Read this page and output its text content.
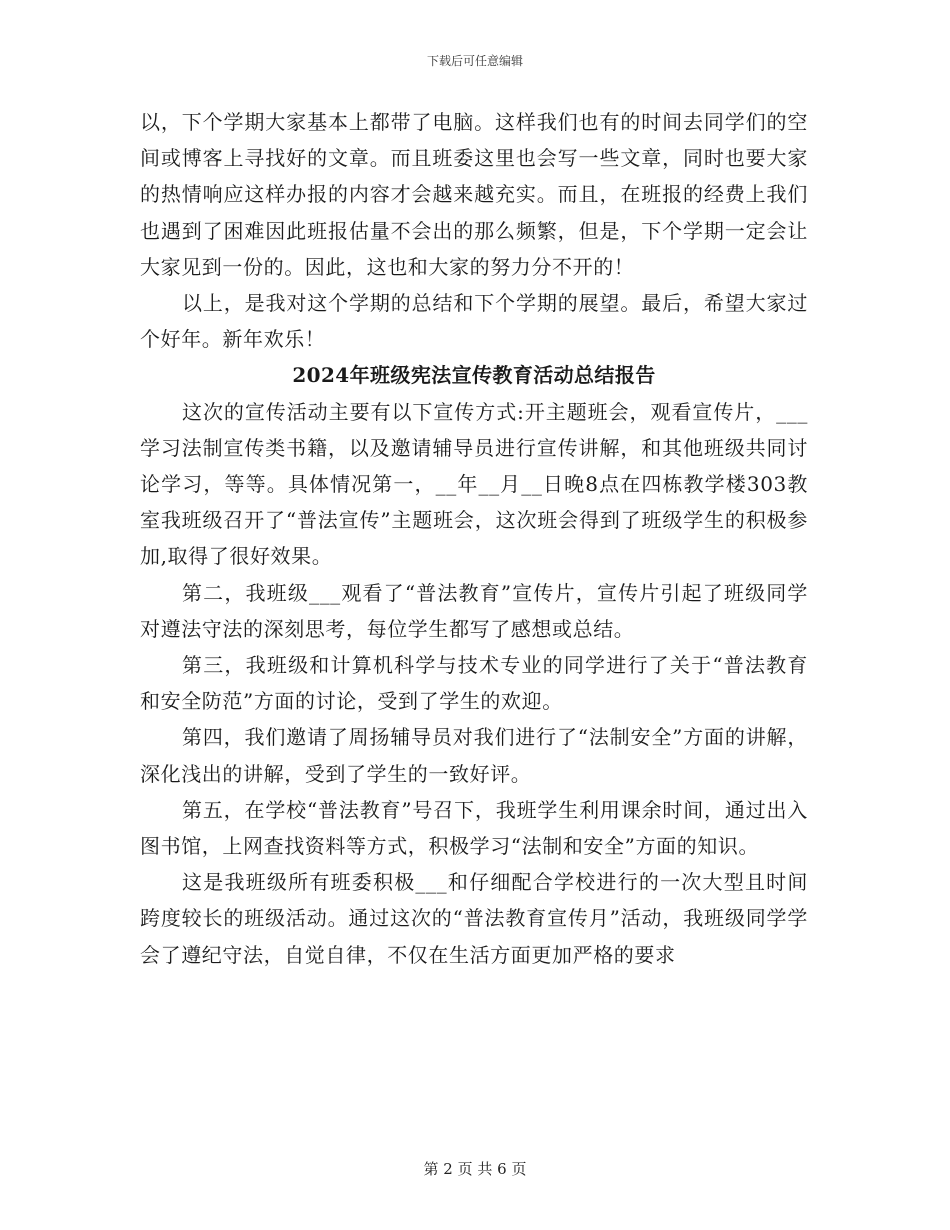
下载后可任意编辑

以，下个学期大家基本上都带了电脑。这样我们也有的时间去同学们的空间或博客上寻找好的文章。而且班委这里也会写一些文章，同时也要大家的热情响应这样办报的内容才会越来越充实。而且，在班报的经费上我们也遇到了困难因此班报估量不会出的那么频繁，但是，下个学期一定会让大家见到一份的。因此，这也和大家的努力分不开的！

以上，是我对这个学期的总结和下个学期的展望。最后，希望大家过个好年。新年欢乐！

2024年班级宪法宣传教育活动总结报告

这次的宣传活动主要有以下宣传方式:开主题班会，观看宣传片，___学习法制宣传类书籍，以及邀请辅导员进行宣传讲解，和其他班级共同讨论学习，等等。具体情况第一，__年__月__日晚8点在四栋教学楼303教室我班级召开了“普法宣传”主题班会，这次班会得到了班级学生的积极参加,取得了很好效果。

第二，我班级___观看了“普法教育”宣传片，宣传片引起了班级同学对遵法守法的深刻思考，每位学生都写了感想或总结。

第三，我班级和计算机科学与技术专业的同学进行了关于“普法教育和安全防范”方面的讨论，受到了学生的欢迎。

第四，我们邀请了周扬辅导员对我们进行了“法制安全”方面的讲解，深化浅出的讲解，受到了学生的一致好评。

第五，在学校“普法教育”号召下，我班学生利用课余时间，通过出入图书馆，上网查找资料等方式，积极学习“法制和安全”方面的知识。

这是我班级所有班委积极___和仔细配合学校进行的一次大型且时间跨度较长的班级活动。通过这次的“普法教育宣传月”活动，我班级同学学会了遵纪守法，自觉自律，不仅在生活方面更加严格的要求

第 2 页 共 6 页
